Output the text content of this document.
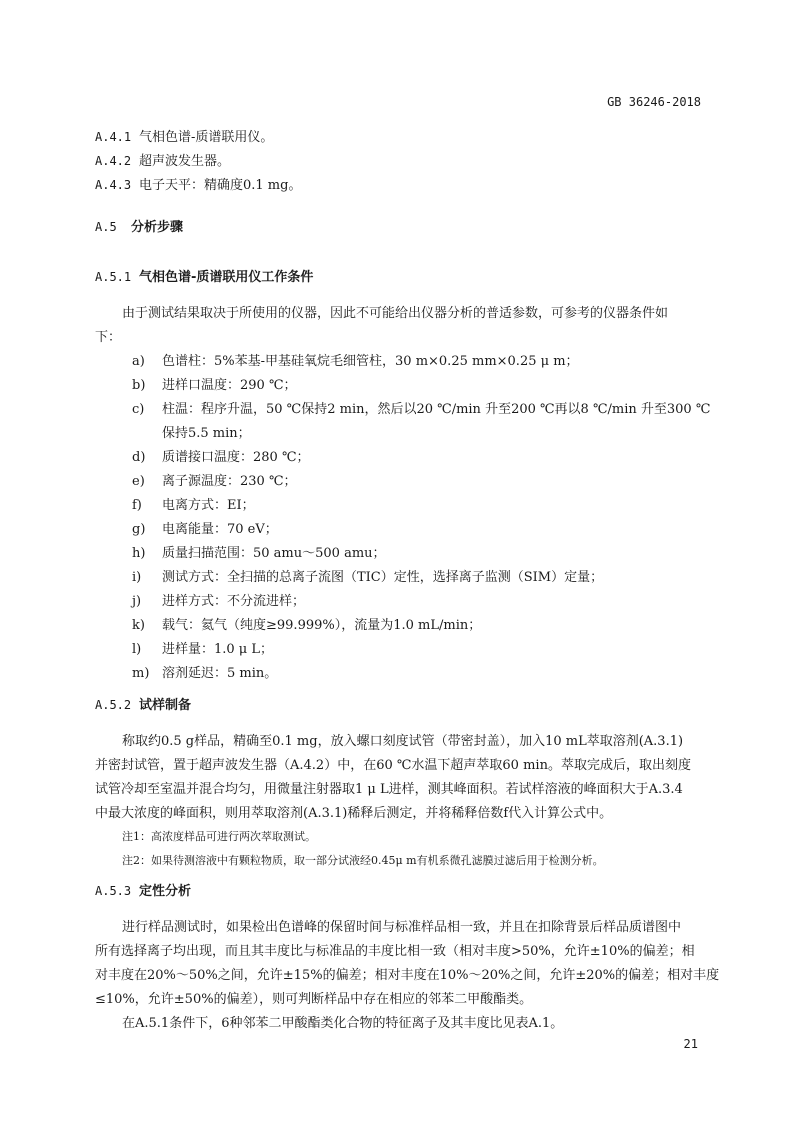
GB 36246-2018
A.4.1 气相色谱-质谱联用仪。
A.4.2 超声波发生器。
A.4.3 电子天平：精确度0.1 mg。
A.5 分析步骤
A.5.1 气相色谱-质谱联用仪工作条件
由于测试结果取决于所使用的仪器，因此不可能给出仪器分析的普适参数，可参考的仪器条件如
下：
a) 色谱柱：5%苯基-甲基硅氧烷毛细管柱，30 m×0.25 mm×0.25 μ m；
b) 进样口温度：290 ℃；
c) 柱温：程序升温，50 ℃保持2 min，然后以20 ℃/min 升至200 ℃再以8 ℃/min 升至300 ℃
保持5.5 min；
d) 质谱接口温度：280 ℃；
e) 离子源温度：230 ℃；
f) 电离方式：EI；
g) 电离能量：70 eV；
h) 质量扫描范围：50 amu～500 amu；
i) 测试方式：全扫描的总离子流图（TIC）定性，选择离子监测（SIM）定量；
j) 进样方式：不分流进样；
k) 载气：氦气（纯度≥99.999%），流量为1.0 mL/min；
l) 进样量：1.0 μ L；
m) 溶剂延迟：5 min。
A.5.2 试样制备
称取约0.5 g样品，精确至0.1 mg，放入螺口刻度试管（带密封盖），加入10 mL萃取溶剂(A.3.1)
并密封试管，置于超声波发生器（A.4.2）中，在60 ℃水温下超声萃取60 min。萃取完成后，取出刻度
试管冷却至室温并混合均匀，用微量注射器取1 μ L进样，测其峰面积。若试样溶液的峰面积大于A.3.4
中最大浓度的峰面积，则用萃取溶剂(A.3.1)稀释后测定，并将稀释倍数f代入计算公式中。
注1：高浓度样品可进行两次萃取测试。
注2：如果待测溶液中有颗粒物质，取一部分试液经0.45μ m有机系微孔滤膜过滤后用于检测分析。
A.5.3 定性分析
进行样品测试时，如果检出色谱峰的保留时间与标准样品相一致，并且在扣除背景后样品质谱图中
所有选择离子均出现，而且其丰度比与标准品的丰度比相一致（相对丰度>50%，允许±10%的偏差；相
对丰度在20%～50%之间，允许±15%的偏差；相对丰度在10%～20%之间，允许±20%的偏差；相对丰度
≤10%，允许±50%的偏差），则可判断样品中存在相应的邻苯二甲酸酯类。
在A.5.1条件下，6种邻苯二甲酸酯类化合物的特征离子及其丰度比见表A.1。
21
